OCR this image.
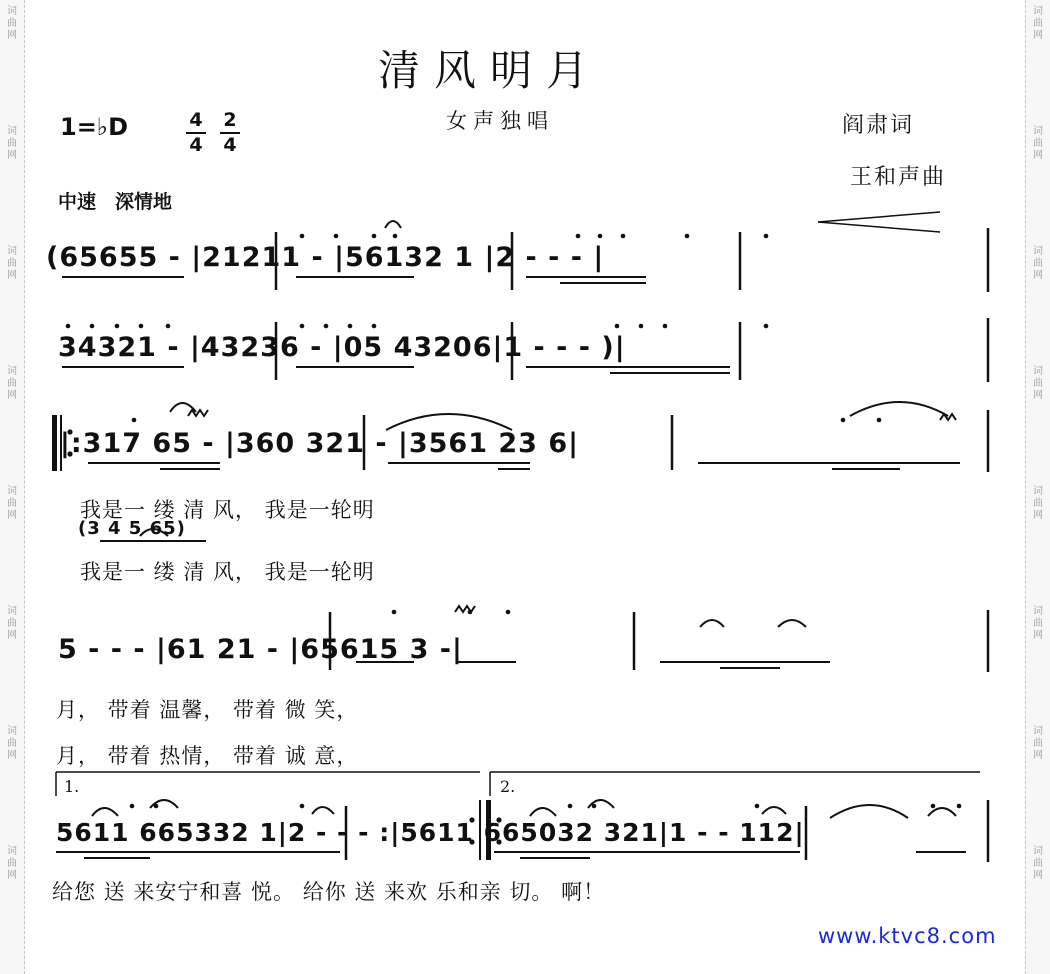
词曲网
词曲网
词曲网
词曲网
词曲网
词曲网
词曲网
词曲网
词曲网
词曲网
词曲网
词曲网
词曲网
词曲网
词曲网
词曲网
清风明月
女声独唱	阎肃词
王和声曲
1=♭D	4
4
2
4
中速　深情地
(65655 - |21211 - |56132 1 |2 - - - |
34321 - |43236 - |05 43206|1 - - - )|
|:317 65 - |360 321 - |3561 23 6|
我是一 缕 清 风， 我是一轮明
(3 4 5 65)
我是一 缕 清 风， 我是一轮明
5 - - - |61 21 - |65615 3 -|
月， 带着 温馨， 带着 微 笑，
月， 带着 热情， 带着 诚 意，
1.	2.
5611 665332 1|2 - - - :|5611 665032 321|1 - - 112|
给您 送 来安宁和喜 悦。 给你 送 来欢 乐和亲 切。 啊！
www.ktvc8.com
